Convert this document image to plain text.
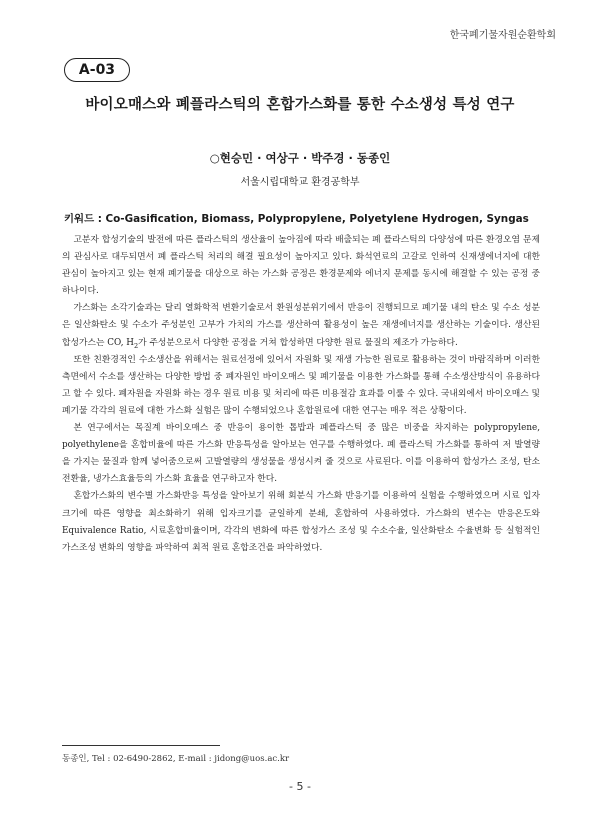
한국폐기물자원순환학회
A-03
바이오매스와 폐플라스틱의 혼합가스화를 통한 수소생성 특성 연구
○현승민 · 여상구 · 박주경 · 동종인
서울시립대학교 환경공학부
키워드 : Co-Gasification, Biomass, Polypropylene, Polyetylene Hydrogen, Syngas

고분자 합성기술의 발전에 따른 플라스틱의 생산율이 높아짐에 따라 배출되는 폐 플라스틱의 다양성에 따른 환경오염 문제의 관심사로 대두되면서 폐 플라스틱 처리의 해결 필요성이 높아지고 있다. 화석연료의 고갈로 인하여 신재생에너지에 대한 관심이 높아지고 있는 현재 폐기물을 대상으로 하는 가스화 공정은 환경문제와 에너지 문제를 동시에 해결할 수 있는 공정 중 하나이다.

가스화는 소각기술과는 달리 열화학적 변환기술로서 환원성분위기에서 반응이 진행되므로 폐기물 내의 탄소 및 수소 성분은 일산화탄소 및 수소가 주성분인 고부가 가치의 가스를 생산하여 활용성이 높은 재생에너지를 생산하는 기술이다. 생산된 합성가스는 CO, $H_2$가 주성분으로서 다양한 공정을 거쳐 합성하면 다양한 원료 물질의 제조가 가능하다.

또한 친환경적인 수소생산을 위해서는 원료선정에 있어서 자원화 및 재생 가능한 원료로 활용하는 것이 바람직하며 이러한 측면에서 수소를 생산하는 다양한 방법 중 폐자원인 바이오매스 및 폐기물을 이용한 가스화를 통해 수소생산방식이 유용하다고 할 수 있다. 폐자원을 자원화 하는 경우 원료 비용 및 처리에 따른 비용절감 효과를 이룰 수 있다. 국내외에서 바이오매스 및 폐기물 각각의 원료에 대한 가스화 실험은 많이 수행되었으나 혼합원료에 대한 연구는 매우 적은 상황이다.

본 연구에서는 목질계 바이오매스 중 반응이 용이한 톱밥과 폐플라스틱 중 많은 비중을 차지하는 polypropylene, polyethylene을 혼합비율에 따른 가스화 반응특성을 알아보는 연구를 수행하였다. 폐 플라스틱 가스화를 통하여 저 발열량을 가지는 물질과 함께 넣어줌으로써 고발열량의 생성물을 생성시켜 줄 것으로 사료된다. 이를 이용하여 합성가스 조성, 탄소전환율, 냉가스효율등의 가스화 효율을 연구하고자 한다.

혼합가스화의 변수별 가스화반응 특성을 알아보기 위해 회분식 가스화 반응기를 이용하여 실험을 수행하였으며 시료 입자크기에 따른 영향을 최소화하기 위해 입자크기를 균일하게 분쇄, 혼합하여 사용하였다. 가스화의 변수는 반응온도와 Equivalence Ratio, 시료혼합비율이며, 각각의 변화에 따른 합성가스 조성 및 수소수율, 일산화탄소 수율변화 등 실험적인 가스조성 변화의 영향을 파악하여 최적 원료 혼합조건을 파악하였다.

동종인, Tel : 02-6490-2862, E-mail : jidong@uos.ac.kr
- 5 -
